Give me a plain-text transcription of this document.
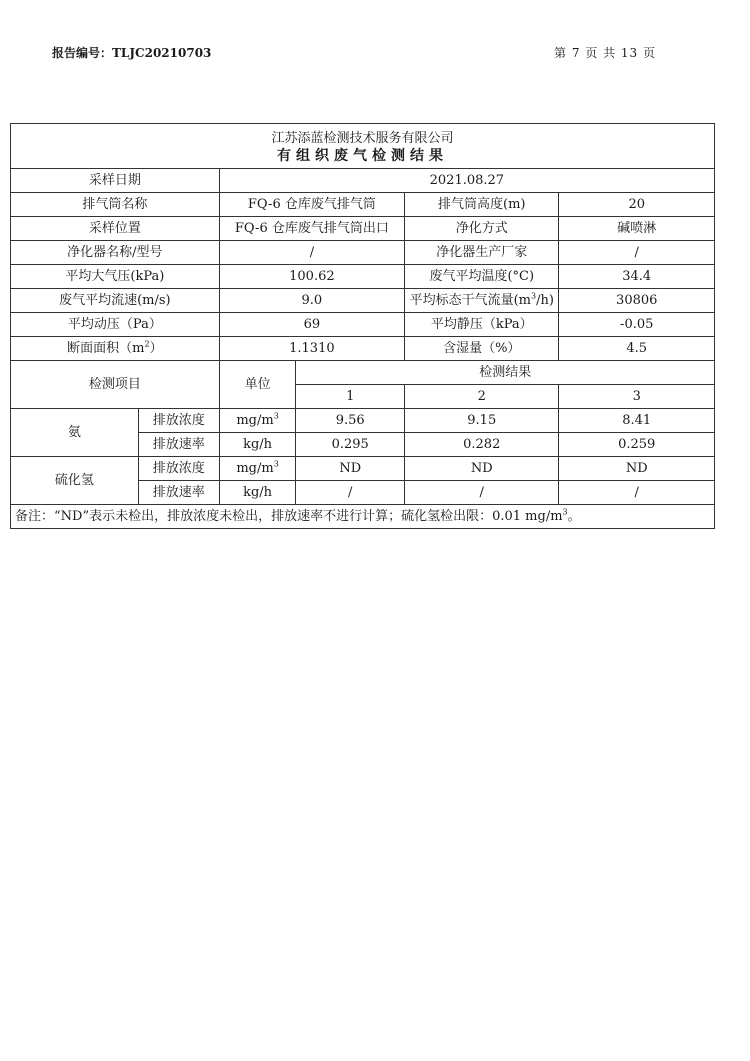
报告编号：TLJC20210703	第 7 页 共 13 页
江苏添蓝检测技术服务有限公司
有组织废气检测结果					

采样日期		2021.08.27			
排气筒名称		FQ-6 仓库废气排气筒		排气筒高度(m)	20
采样位置		FQ-6 仓库废气排气筒出口		净化方式	碱喷淋
净化器名称/型号		/		净化器生产厂家	/
平均大气压(kPa)		100.62		废气平均温度(°C)	34.4
废气平均流速(m/s)		9.0		平均标态干气流量$(m^3/h)$	30806
平均动压（Pa）		69		平均静压（kPa）	-0.05
断面面积$(m^2)$		1.1310		含湿量（%）	4.5
检测项目		单位	检测结果		
			1	2	3
氨	排放浓度	$mg/m^3$	9.56	9.15	8.41
	排放速率	kg/h	0.295	0.282	0.259
硫化氢	排放浓度	$mg/m^3$	ND	ND	ND
	排放速率	kg/h	/	/	/
备注：“ND”表示未检出，排放浓度未检出，排放速率不进行计算；硫化氢检出限：0.01 $mg/m^3$。					
